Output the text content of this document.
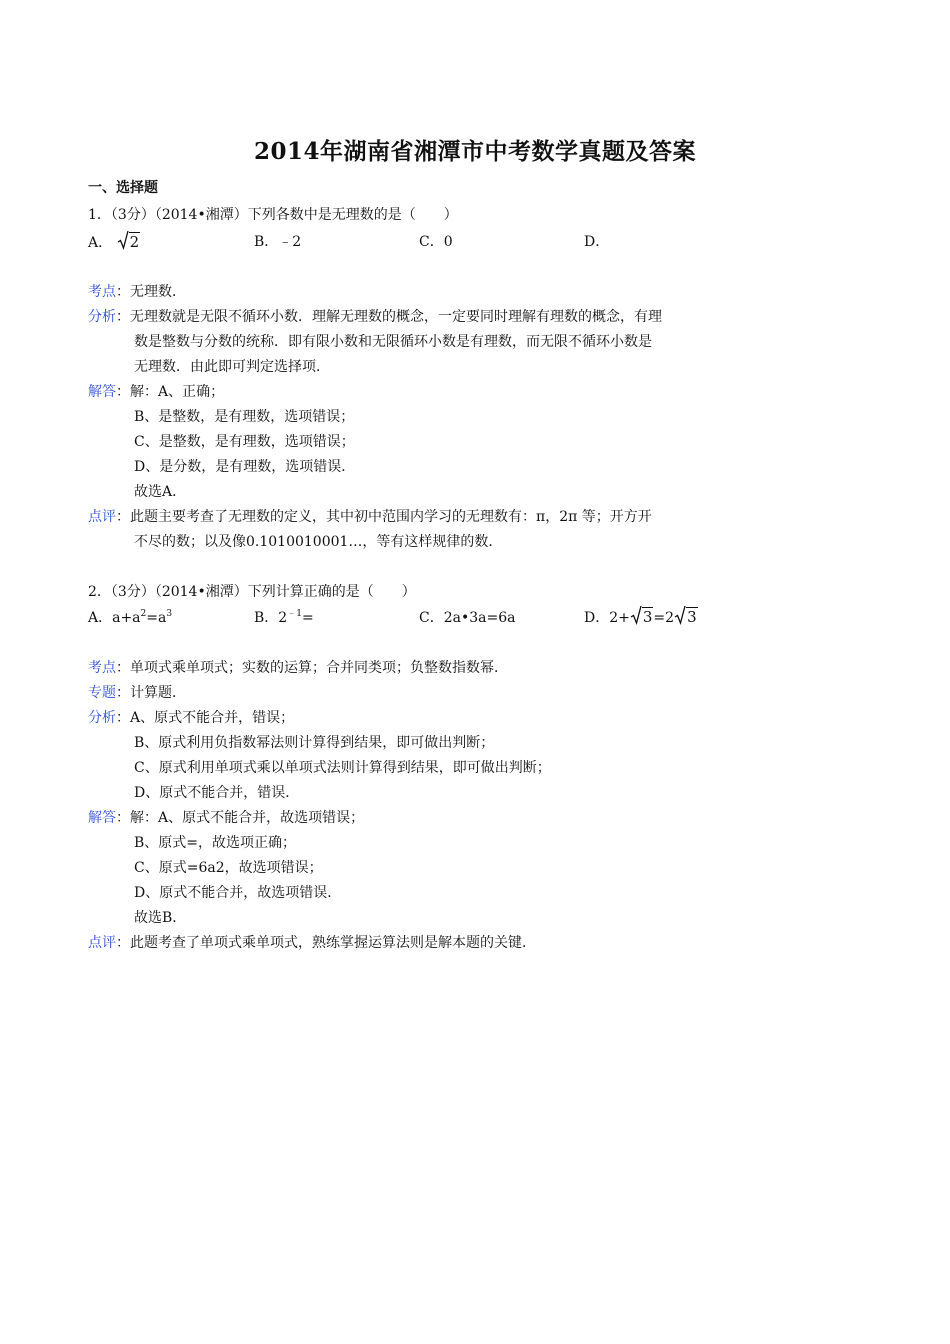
2014年湖南省湘潭市中考数学真题及答案
一、选择题
1．（3分）（2014•湘潭）下列各数中是无理数的是（　　）
A． 2	B．﹣2	C．0	D．
考点：无理数．
分析：无理数就是无限不循环小数．理解无理数的概念，一定要同时理解有理数的概念，有理
数是整数与分数的统称．即有限小数和无限循环小数是有理数，而无限不循环小数是
无理数．由此即可判定选择项．
解答：解：A、正确；
B、是整数，是有理数，选项错误；
C、是整数，是有理数，选项错误；
D、是分数，是有理数，选项错误．
故选A．
点评：此题主要考查了无理数的定义，其中初中范围内学习的无理数有：π，2π 等；开方开
不尽的数；以及像0.1010010001…，等有这样规律的数．
2．（3分）（2014•湘潭）下列计算正确的是（　　）
A．$a+a^2=a^3$	B．$2^{﹣1}=$	C．2a•3a=6a	D．2+ 3=2 3
考点：单项式乘单项式；实数的运算；合并同类项；负整数指数幂．
专题：计算题．
分析：A、原式不能合并，错误；
B、原式利用负指数幂法则计算得到结果，即可做出判断；
C、原式利用单项式乘以单项式法则计算得到结果，即可做出判断；
D、原式不能合并，错误．
解答：解：A、原式不能合并，故选项错误；
B、原式=，故选项正确；
C、原式=6a2，故选项错误；
D、原式不能合并，故选项错误．
故选B．
点评：此题考查了单项式乘单项式，熟练掌握运算法则是解本题的关键．
